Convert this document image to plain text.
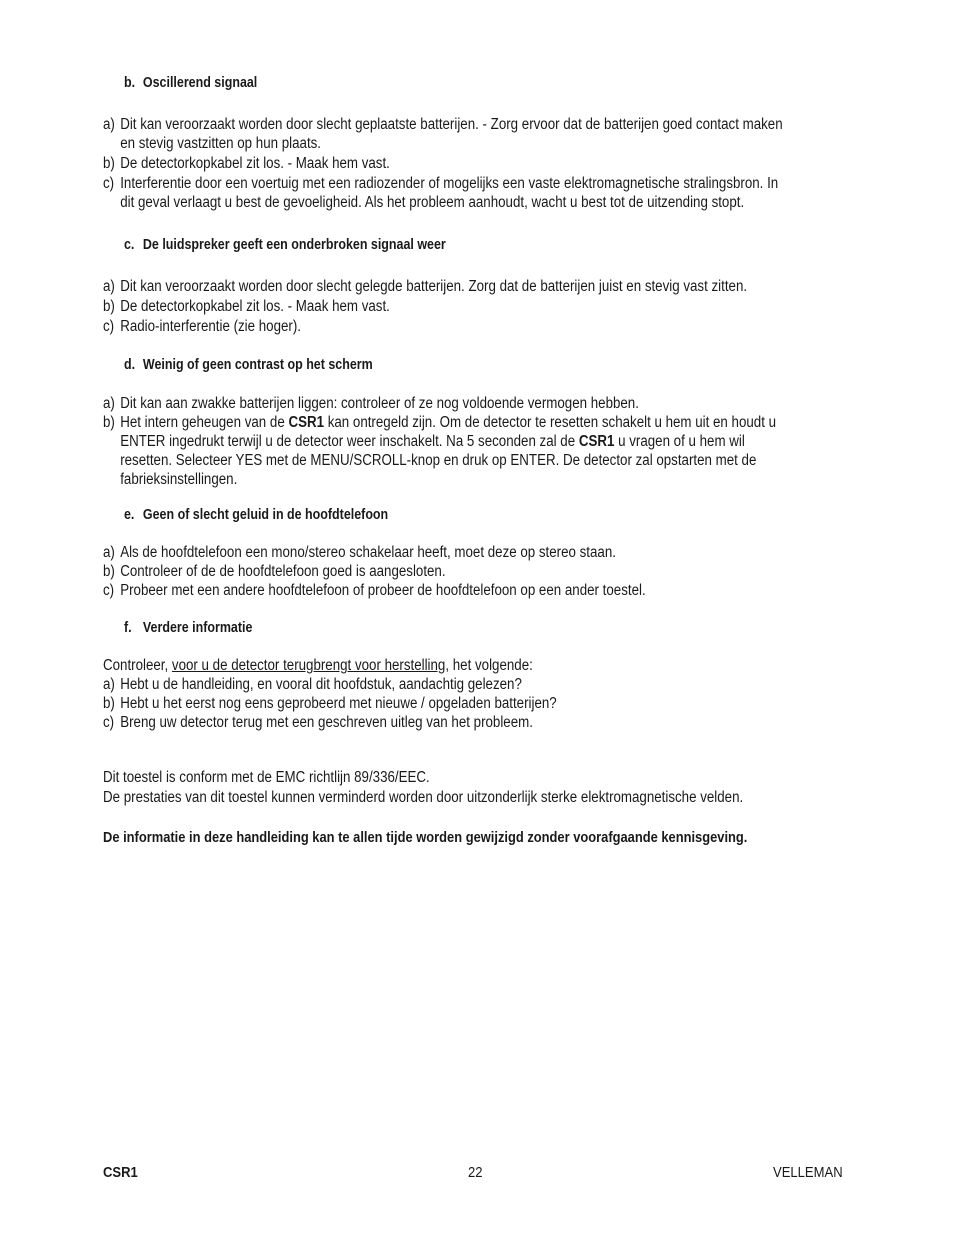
b. Oscillerend signaal
a) Dit kan veroorzaakt worden door slecht geplaatste batterijen. - Zorg ervoor dat de batterijen goed contact maken
en stevig vastzitten op hun plaats.
b) De detectorkopkabel zit los. - Maak hem vast.
c) Interferentie door een voertuig met een radiozender of mogelijks een vaste elektromagnetische stralingsbron. In
dit geval verlaagt u best de gevoeligheid. Als het probleem aanhoudt, wacht u best tot de uitzending stopt.
c. De luidspreker geeft een onderbroken signaal weer
a) Dit kan veroorzaakt worden door slecht gelegde batterijen. Zorg dat de batterijen juist en stevig vast zitten.
b) De detectorkopkabel zit los. - Maak hem vast.
c) Radio-interferentie (zie hoger).
d. Weinig of geen contrast op het scherm
a) Dit kan aan zwakke batterijen liggen: controleer of ze nog voldoende vermogen hebben.
b) Het intern geheugen van de CSR1 kan ontregeld zijn. Om de detector te resetten schakelt u hem uit en houdt u
ENTER ingedrukt terwijl u de detector weer inschakelt. Na 5 seconden zal de CSR1 u vragen of u hem wil
resetten. Selecteer YES met de MENU/SCROLL-knop en druk op ENTER. De detector zal opstarten met de
fabrieksinstellingen.
e. Geen of slecht geluid in de hoofdtelefoon
a) Als de hoofdtelefoon een mono/stereo schakelaar heeft, moet deze op stereo staan.
b) Controleer of de de hoofdtelefoon goed is aangesloten.
c) Probeer met een andere hoofdtelefoon of probeer de hoofdtelefoon op een ander toestel.
f. Verdere informatie

Controleer, voor u de detector terugbrengt voor herstelling, het volgende:

a) Hebt u de handleiding, en vooral dit hoofdstuk, aandachtig gelezen?
b) Hebt u het eerst nog eens geprobeerd met nieuwe / opgeladen batterijen?
c) Breng uw detector terug met een geschreven uitleg van het probleem.

Dit toestel is conform met de EMC richtlijn 89/336/EEC.

De prestaties van dit toestel kunnen verminderd worden door uitzonderlijk sterke elektromagnetische velden.

De informatie in deze handleiding kan te allen tijde worden gewijzigd zonder voorafgaande kennisgeving.

CSR1	22	VELLEMAN
